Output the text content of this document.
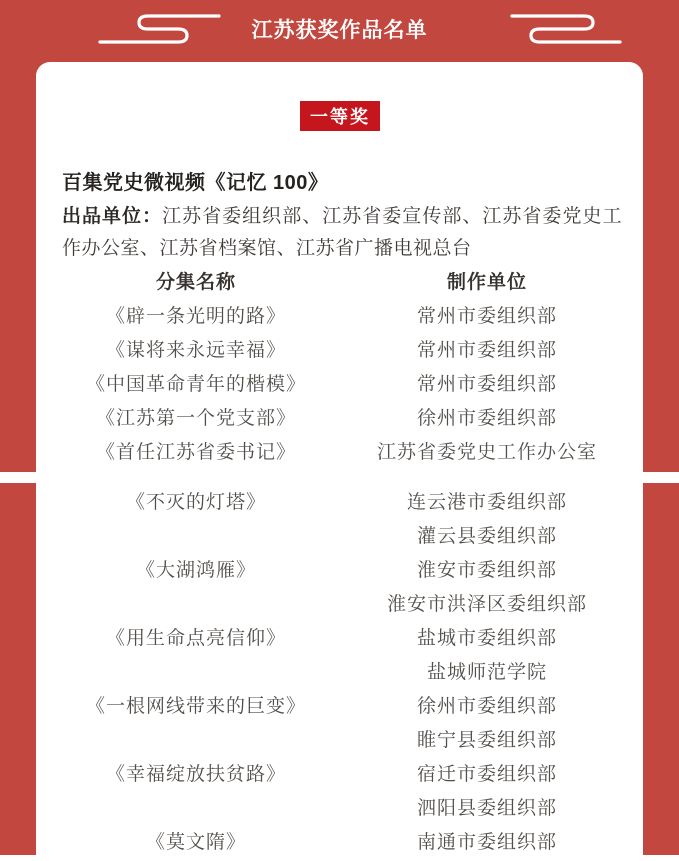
江苏获奖作品名单
一等奖
百集党史微视频《记忆 100》
出品单位：江苏省委组织部、江苏省委宣传部、江苏省委党史工作办公室、江苏省档案馆、江苏省广播电视总台
分集名称	制作单位
《辟一条光明的路》	常州市委组织部
《谋将来永远幸福》	常州市委组织部
《中国革命青年的楷模》	常州市委组织部
《江苏第一个党支部》	徐州市委组织部
《首任江苏省委书记》	江苏省委党史工作办公室
《不灭的灯塔》	连云港市委组织部
灌云县委组织部
《大湖鸿雁》	淮安市委组织部
淮安市洪泽区委组织部
《用生命点亮信仰》	盐城市委组织部
盐城师范学院
《一根网线带来的巨变》	徐州市委组织部
睢宁县委组织部
《幸福绽放扶贫路》	宿迁市委组织部
泗阳县委组织部
《莫文隋》	南通市委组织部
